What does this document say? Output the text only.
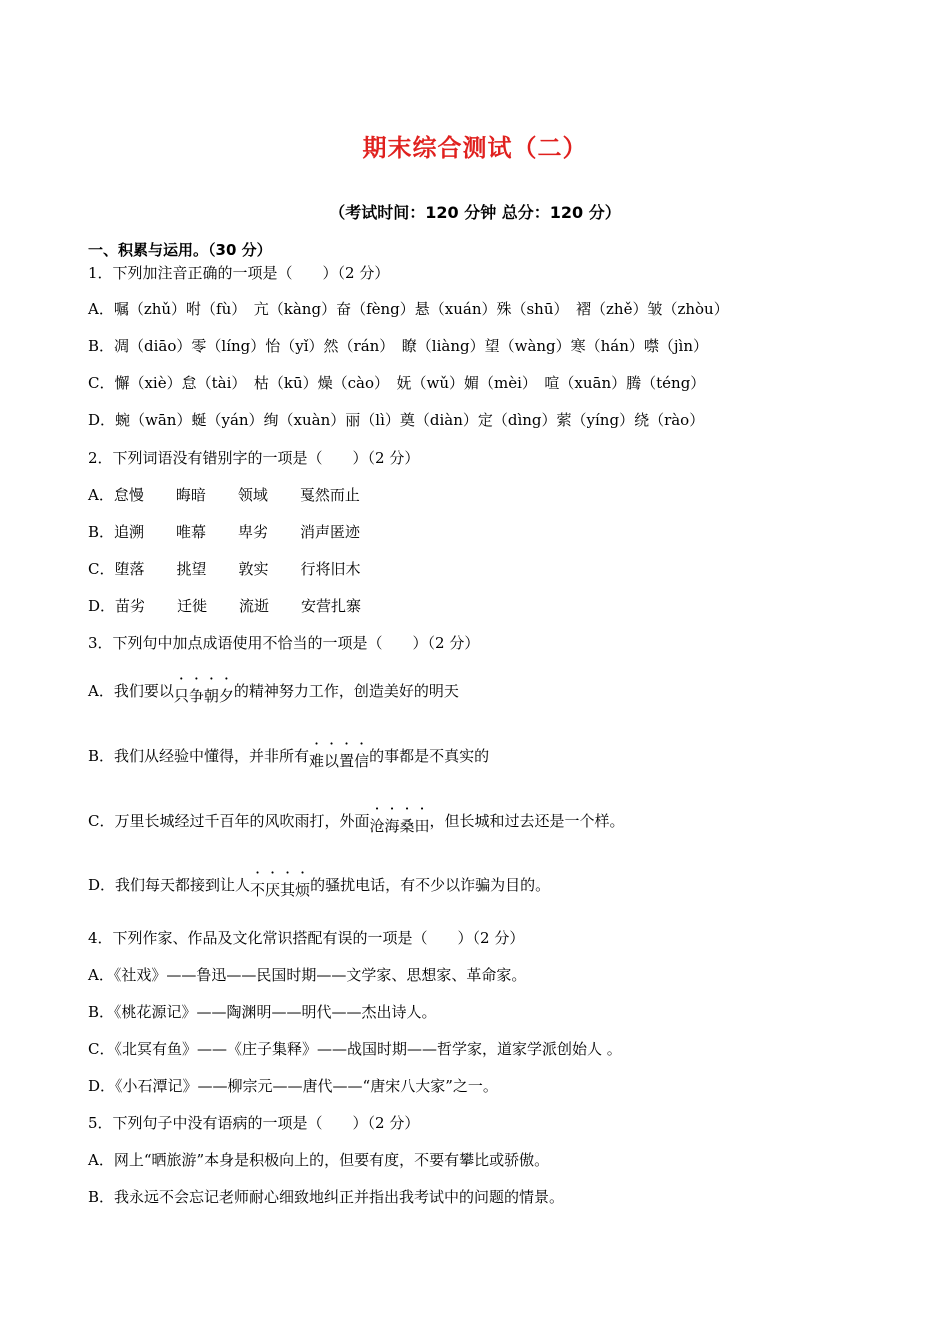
期末综合测试（二）
（考试时间：120 分钟 总分：120 分）
一、积累与运用。（30 分）
1．下列加注音正确的一项是（　　）（2 分）
A．嘱（zhǔ）咐（fù）　亢（kàng）奋（fèng）悬（xuán）殊（shū）　褶（zhě）皱（zhòu）
B．凋（diāo）零（líng）怡（yǐ）然（rán）　瞭（liàng）望（wàng）寒（hán）噤（jìn）
C．懈（xiè）怠（tài）　枯（kū）燥（cào）　妩（wǔ）媚（mèi）　喧（xuān）腾（téng）
D．蜿（wān）蜒（yán）绚（xuàn）丽（lì）奠（diàn）定（dìng）萦（yíng）绕（rào）
2．下列词语没有错别字的一项是（　　）（2 分）
A．怠慢 晦暗 领域 戛然而止
B．追溯 唯幕 卑劣 消声匿迹
C．堕落 挑望 敦实 行将旧木
D．苗劣 迁徙 流逝 安营扎寨
3．下列句中加点成语使用不恰当的一项是（　　）（2 分）
A．我们要以只争朝夕的精神努力工作，创造美好的明天
B．我们从经验中懂得，并非所有难以置信的事都是不真实的
C．万里长城经过千百年的风吹雨打，外面沧海桑田，但长城和过去还是一个样。
D．我们每天都接到让人不厌其烦的骚扰电话，有不少以诈骗为目的。
4．下列作家、作品及文化常识搭配有误的一项是（　　）（2 分）
A．《社戏》——鲁迅——民国时期——文学家、思想家、革命家。
B．《桃花源记》——陶渊明——明代——杰出诗人。
C．《北冥有鱼》——《庄子集释》——战国时期——哲学家，道家学派创始人 。
D．《小石潭记》——柳宗元——唐代——“唐宋八大家”之一。
5．下列句子中没有语病的一项是（　　）（2 分）
A．网上“晒旅游”本身是积极向上的，但要有度，不要有攀比或骄傲。
B．我永远不会忘记老师耐心细致地纠正并指出我考试中的问题的情景。
